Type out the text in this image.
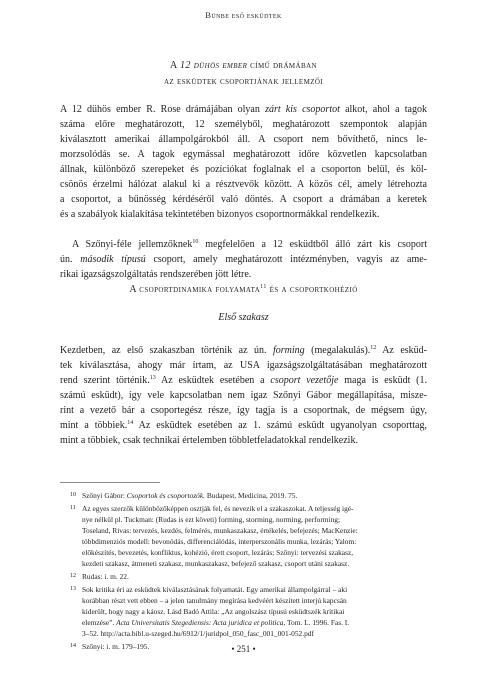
Bünbe eső esküdtek
A 12 dühös ember című drámában
az esküdtek csoportjának jellemzői
A 12 dühös ember R. Rose drámájában olyan zárt kis csoportot alkot, ahol a tagok
száma előre meghatározott, 12 személyből, meghatározott szempontok alapján
kiválasztott amerikai állampolgárokból áll. A csoport nem bővíthető, nincs le-
morzsolódás se. A tagok egymással meghatározott időre közvetlen kapcsolatban
állnak, különböző szerepeket és pozíciókat foglalnak el a csoporton belül, és köl-
csönös érzelmi hálózat alakul ki a résztvevők között. A közös cél, amely létrehozta
a csoportot, a bűnösség kérdéséről való döntés. A csoport a drámában a keretek
és a szabályok kialakítása tekintetében bizonyos csoportnormákkal rendelkezik.
A Szőnyi-féle jellemzőknek$^{10}$ megfelelően a 12 esküdtből álló zárt kis csoport
ún. második típusú csoport, amely meghatározott intézményben, vagyis az ame-
rikai igazságszolgáltatás rendszerében jött létre.
A csoportdinamika folyamata$^{11}$ és a csoportkohézió
Első szakasz
Kezdetben, az első szakaszban történik az ún. forming (megalakulás).$^{12}$ Az esküd-
tek kiválasztása, ahogy már írtam, az USA igazságszolgáltatásában meghatározott
rend szerint történik.$^{13}$ Az esküdtek esetében a csoport vezetője maga is esküdt (1.
számú esküdt), így vele kapcsolatban nem igaz Szőnyi Gábor megállapítása, misze-
rint a vezető bár a csoportegész része, így tagja is a csoportnak, de mégsem úgy,
mint a többiek.$^{14}$ Az esküdtek esetében az 1. számú esküdt ugyanolyan csoporttag,
mint a többiek, csak technikai értelemben többletfeladatokkal rendelkezik.
10 Szőnyi Gábor: Csoportok és csoportozók. Budapest, Medicina, 2019. 75.
11 Az egyes szerzők különbözőképpen osztják fel, és nevezik el a szakaszokat. A teljesség igé-
nye nélkül pl. Tuckman: (Rudas is ezt követi) forming, storming, norming, performing;
Toseland, Rivas: tervezés, kezdés, felmérés, munkaszakasz, értékelés, befejezés; MacKenzie:
többdimenziós modell: bevonódás, differenciálódás, interperszonális munka, lezárás; Yalom:
előkészítés, bevezetés, konfliktus, kohézió, érett csoport, lezárás; Szőnyi: tervezési szakasz,
kezdeti szakasz, átmeneti szakasz, munkaszakasz, befejező szakasz, csoport utáni szakasz.
12 Rudas: i. m. 22.
13 Sok kritika éri az esküdtek kiválasztásának folyamatát. Egy amerikai állampolgárral – aki
korábban részt vett ebben – a jelen tanulmány megírása kedvéért készített interjú kapcsán
kiderült, hogy nagy a káosz. Lásd Badó Attila: „Az angolszász típusú esküdtszék kritikai
elemzése”. Acta Universitatis Szegediensis: Acta juridica et politica, Tom. L. 1996. Fas. I.
3–52. http://acta.bibl.u-szeged.hu/6912/1/juridpol_050_fasc_001_001-052.pdf
14 Szőnyi: i. m. 179–195.	• 251 •
